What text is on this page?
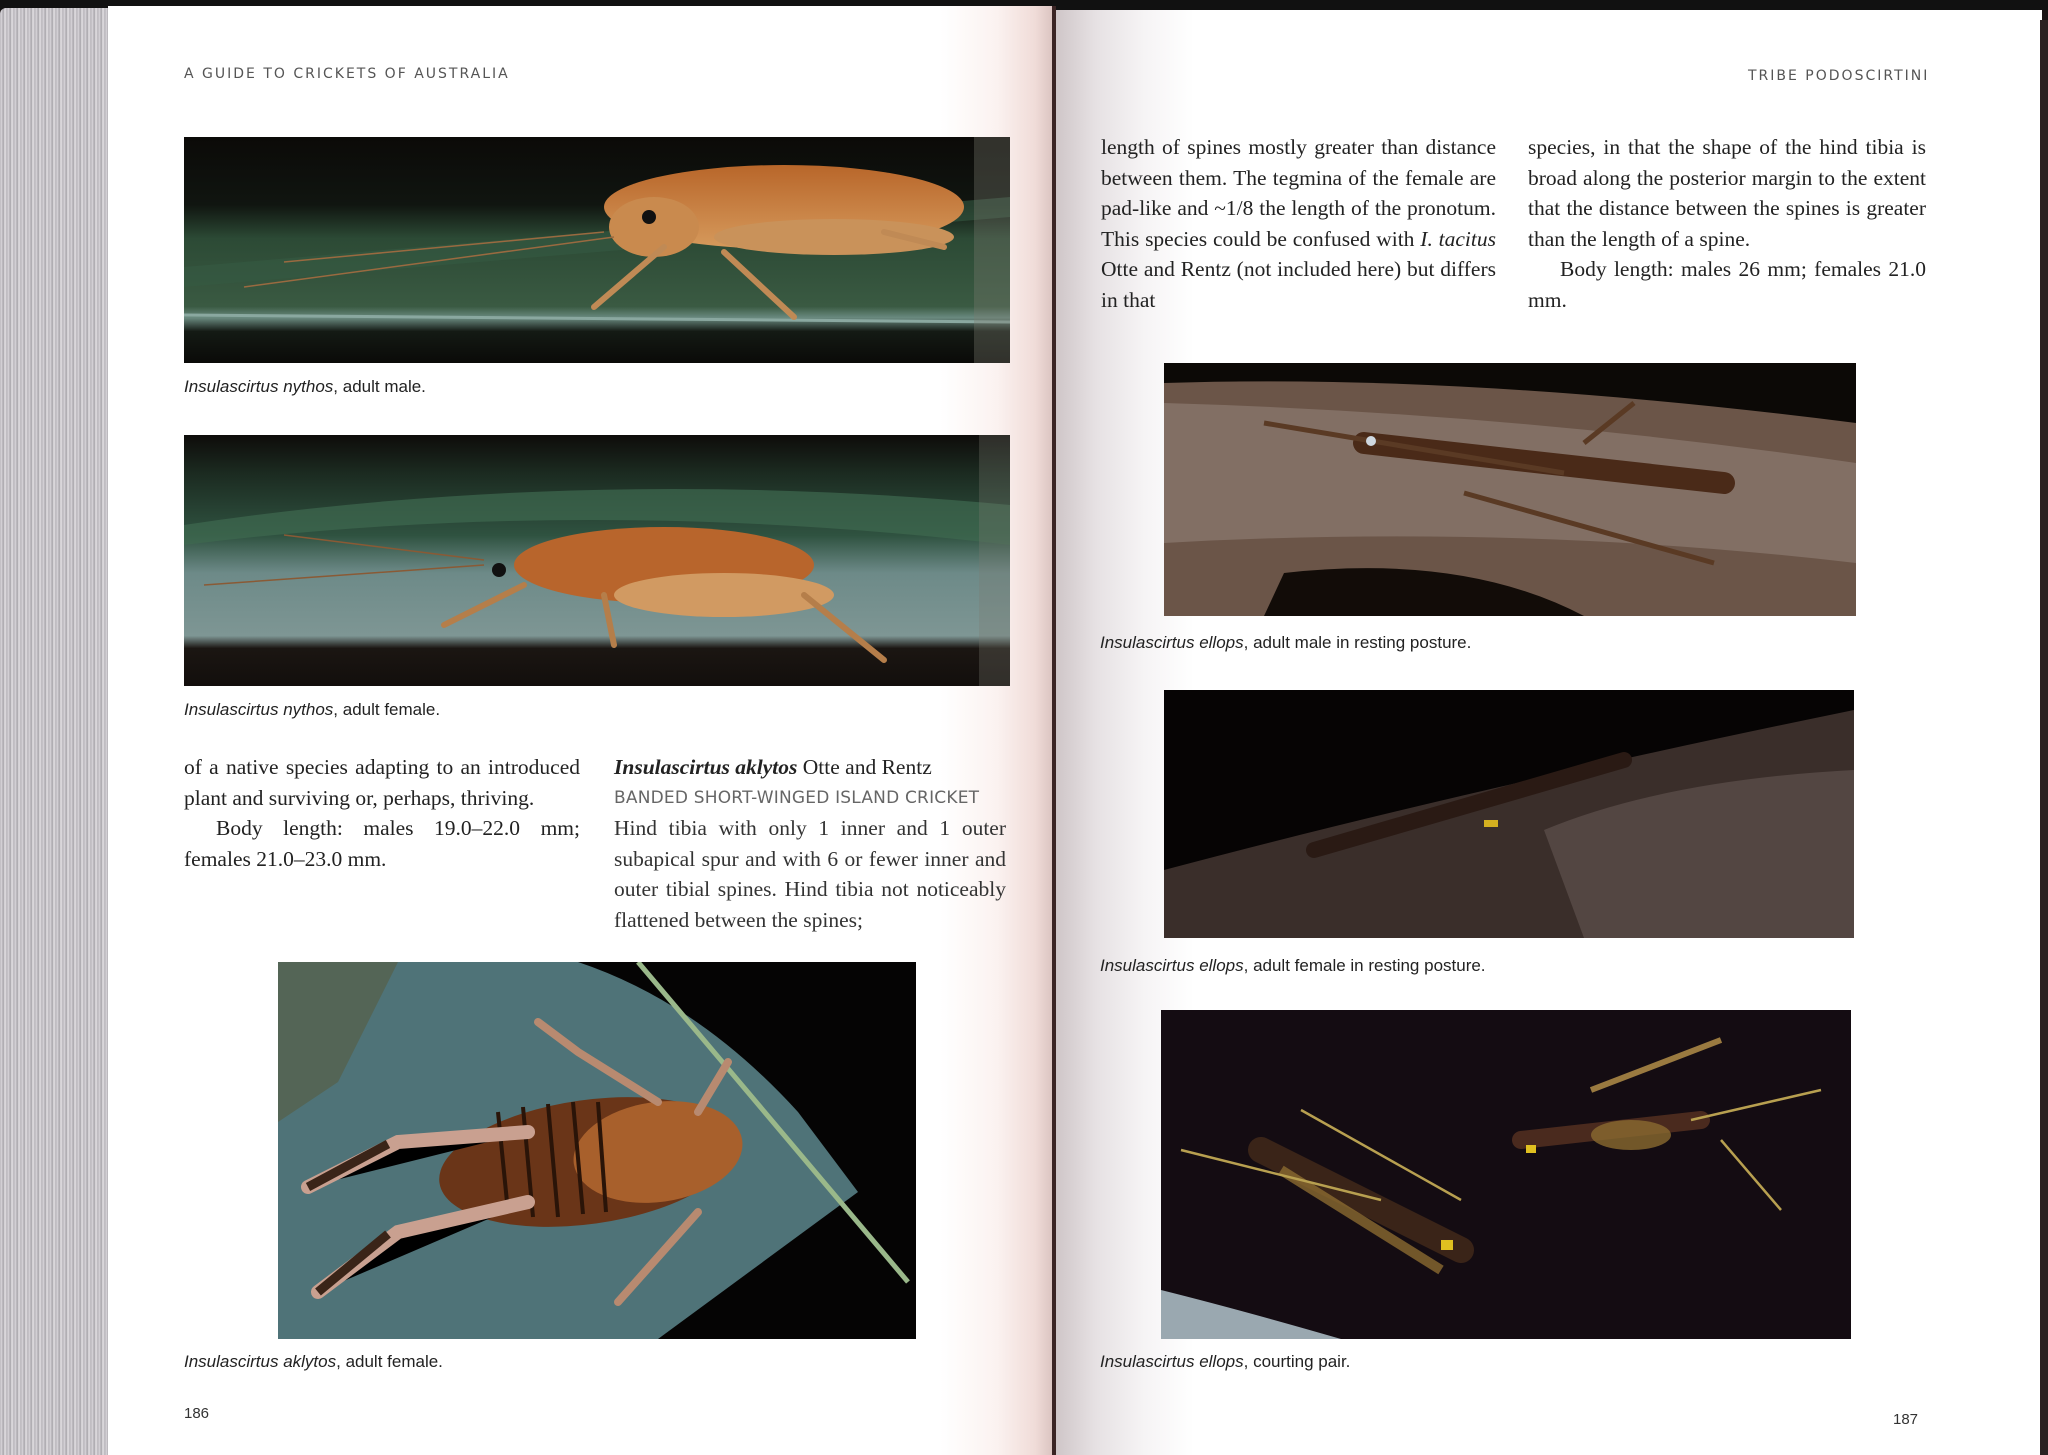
A GUIDE TO CRICKETS OF AUSTRALIA
Insulascirtus nythos, adult male.
Insulascirtus nythos, adult female.

of a native species adapting to an introduced plant and surviving or, perhaps, thriving.

Body length: males 19.0–22.0 mm; females 21.0–23.0 mm.

Insulascirtus aklytos Otte and Rentz

BANDED SHORT-WINGED ISLAND CRICKET

Hind tibia with only 1 inner and 1 outer subapical spur and with 6 or fewer inner and outer tibial spines. Hind tibia not noticeably flattened between the spines;

Insulascirtus aklytos, adult female.
186
TRIBE PODOSCIRTINI

length of spines mostly greater than distance between them. The tegmina of the female are pad-like and ~1/8 the length of the pronotum. This species could be confused with I. tacitus Otte and Rentz (not included here) but differs in that

species, in that the shape of the hind tibia is broad along the posterior margin to the extent that the distance between the spines is greater than the length of a spine.

Body length: males 26 mm; females 21.0 mm.

Insulascirtus ellops, adult male in resting posture.
Insulascirtus ellops, adult female in resting posture.
Insulascirtus ellops, courting pair.
187
